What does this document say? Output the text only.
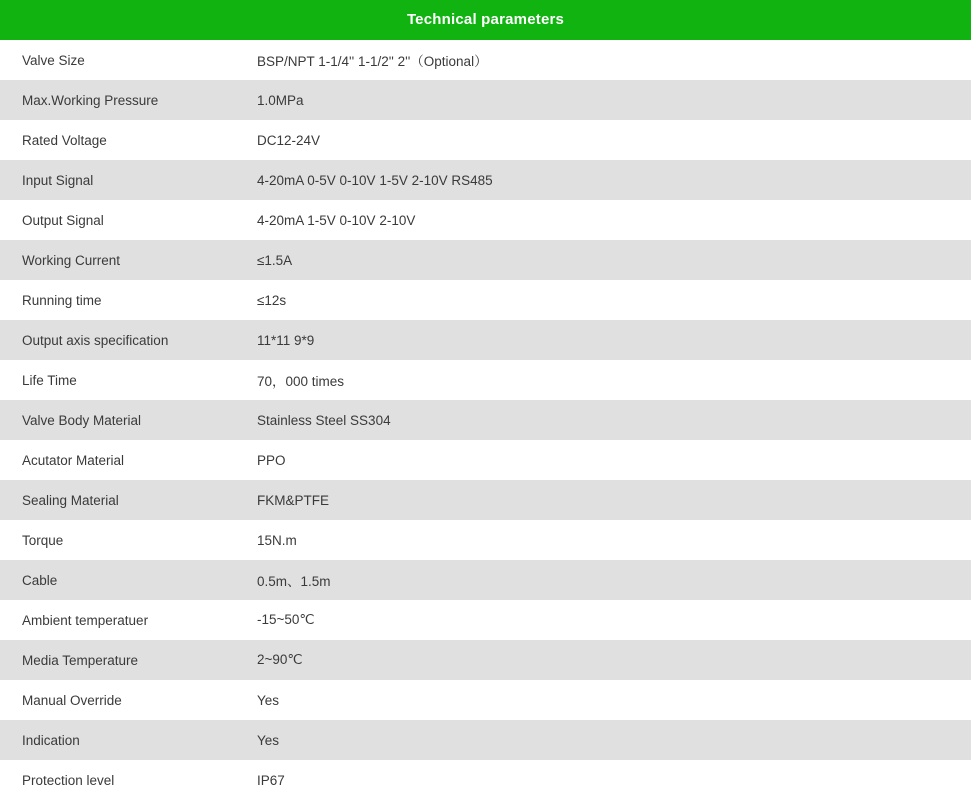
Technical parameters	
Valve Size	BSP/NPT 1-1/4'' 1-1/2'' 2''（Optional）

Max.Working Pressure	1.0MPa

Rated Voltage	DC12-24V

Input Signal	4-20mA 0-5V 0-10V 1-5V 2-10V RS485

Output Signal	4-20mA 1-5V 0-10V 2-10V

Working Current	≤1.5A

Running time	≤12s

Output axis specification	11*11 9*9

Life Time	70，000 times

Valve Body Material	Stainless Steel SS304

Acutator Material	PPO

Sealing Material	FKM&PTFE

Torque	15N.m

Cable	0.5m、1.5m

Ambient temperatuer	-15~50℃

Media Temperature	2~90℃

Manual Override	Yes

Indication	Yes

Protection level	IP67
